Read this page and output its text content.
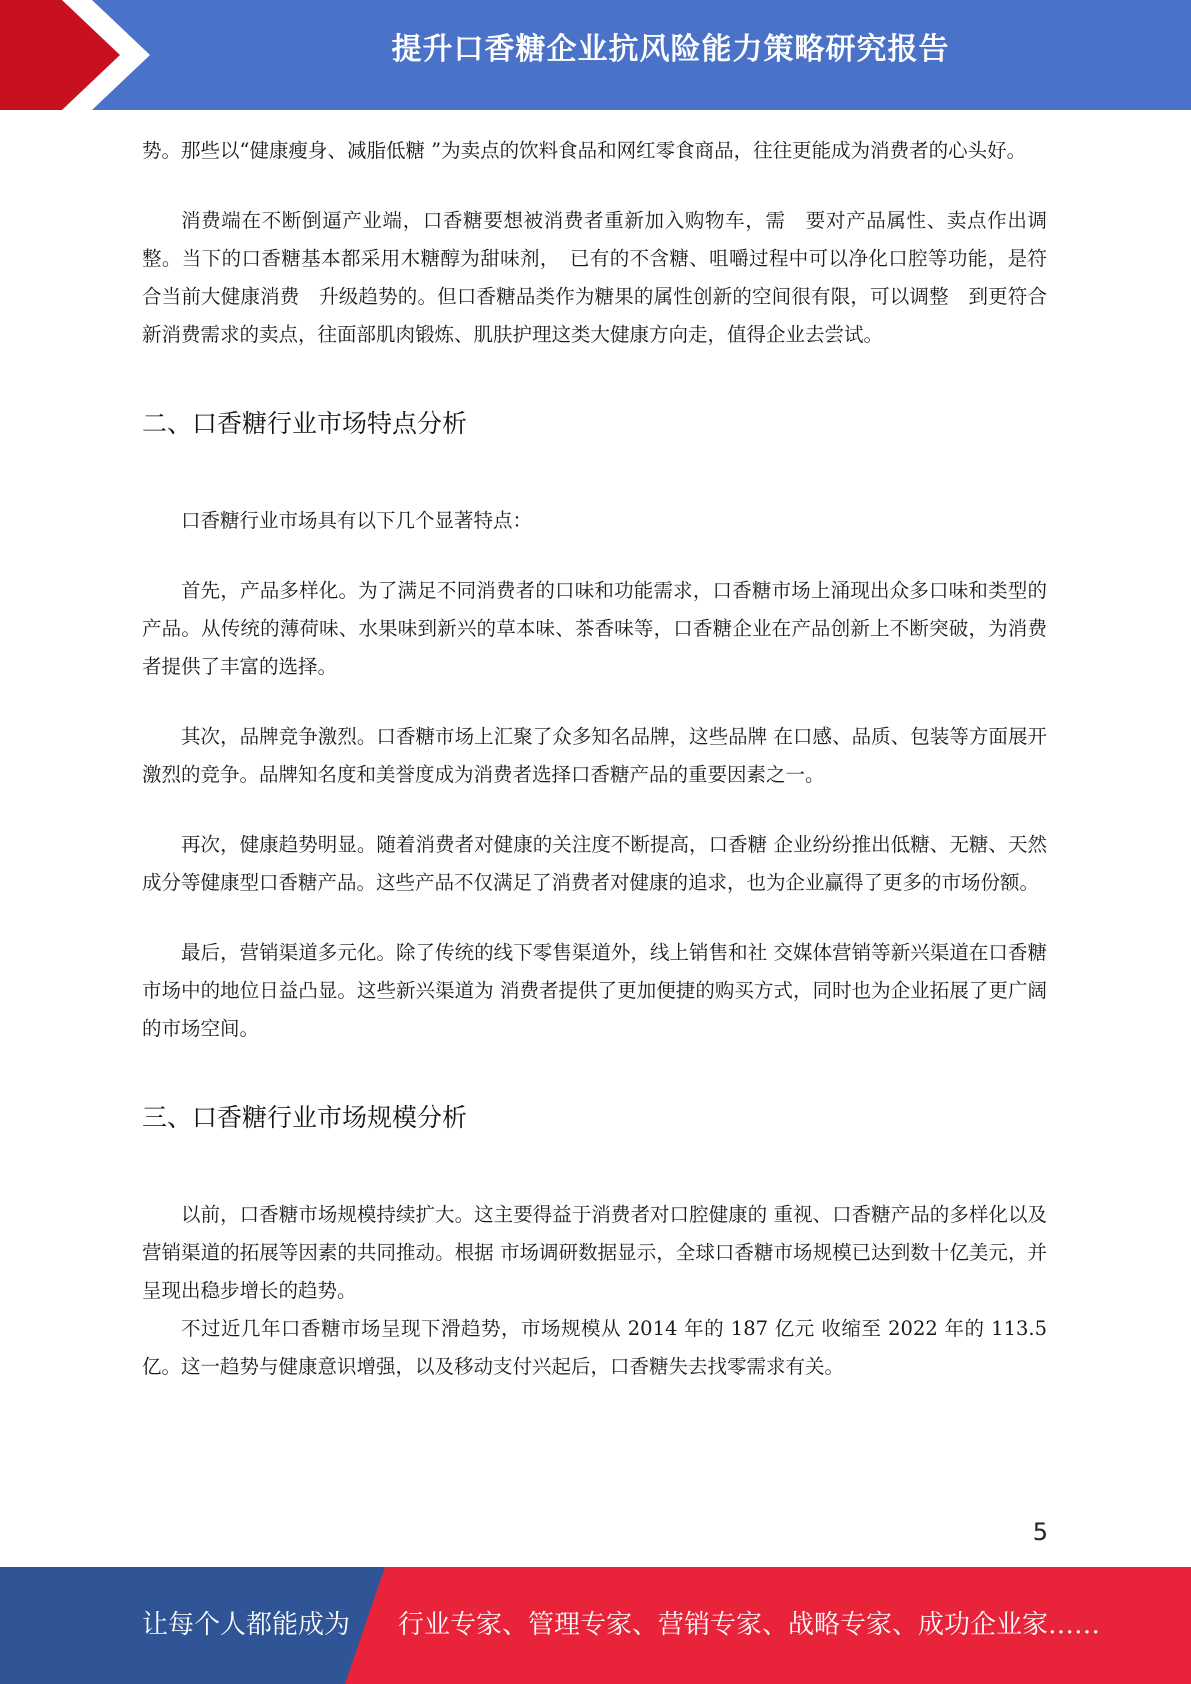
提升口香糖企业抗风险能力策略研究报告

势。那些以“健康瘦身、减脂低糖 ”为卖点的饮料食品和网红零食商品，往往更能成为消费者的心头好。

消费端在不断倒逼产业端，口香糖要想被消费者重新加入购物车，需　要对产品属性、卖点作出调整。当下的口香糖基本都采用木糖醇为甜味剂，　已有的不含糖、咀嚼过程中可以净化口腔等功能，是符合当前大健康消费　升级趋势的。但口香糖品类作为糖果的属性创新的空间很有限，可以调整　到更符合新消费需求的卖点，往面部肌肉锻炼、肌肤护理这类大健康方向走，值得企业去尝试。

二、口香糖行业市场特点分析

口香糖行业市场具有以下几个显著特点：

首先，产品多样化。为了满足不同消费者的口味和功能需求，口香糖市场上涌现出众多口味和类型的产品。从传统的薄荷味、水果味到新兴的草本味、茶香味等，口香糖企业在产品创新上不断突破，为消费者提供了丰富的选择。

其次，品牌竞争激烈。口香糖市场上汇聚了众多知名品牌，这些品牌 在口感、品质、包装等方面展开激烈的竞争。品牌知名度和美誉度成为消费者选择口香糖产品的重要因素之一。

再次，健康趋势明显。随着消费者对健康的关注度不断提高，口香糖 企业纷纷推出低糖、无糖、天然成分等健康型口香糖产品。这些产品不仅满足了消费者对健康的追求，也为企业赢得了更多的市场份额。

最后，营销渠道多元化。除了传统的线下零售渠道外，线上销售和社 交媒体营销等新兴渠道在口香糖市场中的地位日益凸显。这些新兴渠道为 消费者提供了更加便捷的购买方式，同时也为企业拓展了更广阔的市场空间。

三、口香糖行业市场规模分析

以前，口香糖市场规模持续扩大。这主要得益于消费者对口腔健康的 重视、口香糖产品的多样化以及营销渠道的拓展等因素的共同推动。根据 市场调研数据显示，全球口香糖市场规模已达到数十亿美元，并呈现出稳步增长的趋势。

不过近几年口香糖市场呈现下滑趋势，市场规模从 2014 年的 187 亿元 收缩至 2022 年的 113.5 亿。这一趋势与健康意识增强，以及移动支付兴起后，口香糖失去找零需求有关。

5
让每个人都能成为 行业专家、管理专家、营销专家、战略专家、成功企业家……
